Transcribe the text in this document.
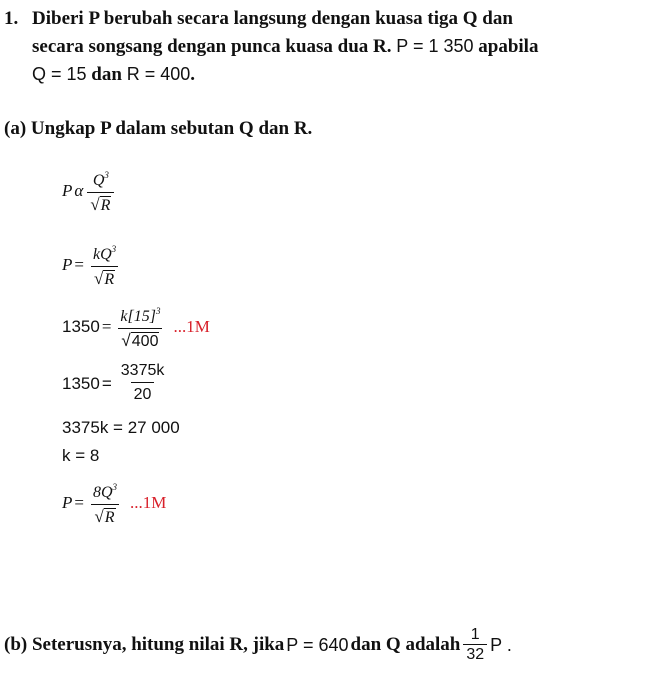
1. Diberi P berubah secara langsung dengan kuasa tiga Q dan
secara songsang dengan punca kuasa dua R. P = 1 350 apabila
Q = 15 dan R = 400.
(a) Ungkap P dalam sebutan Q dan R.
P α $\frac{Q^3}{√R}$
$P = \frac{kQ^3}{√R}$
$1350 = \frac{k[15]^3}{√400} ...1M$
$1350 = \frac{3375k}{20}$
3375k = 27 000
k = 8
$P = \frac{8Q^3}{√R} ...1M$
(b) Seterusnya, hitung nilai R, jika P = 640 dan Q adalah $\frac{1}{32}$ P .
